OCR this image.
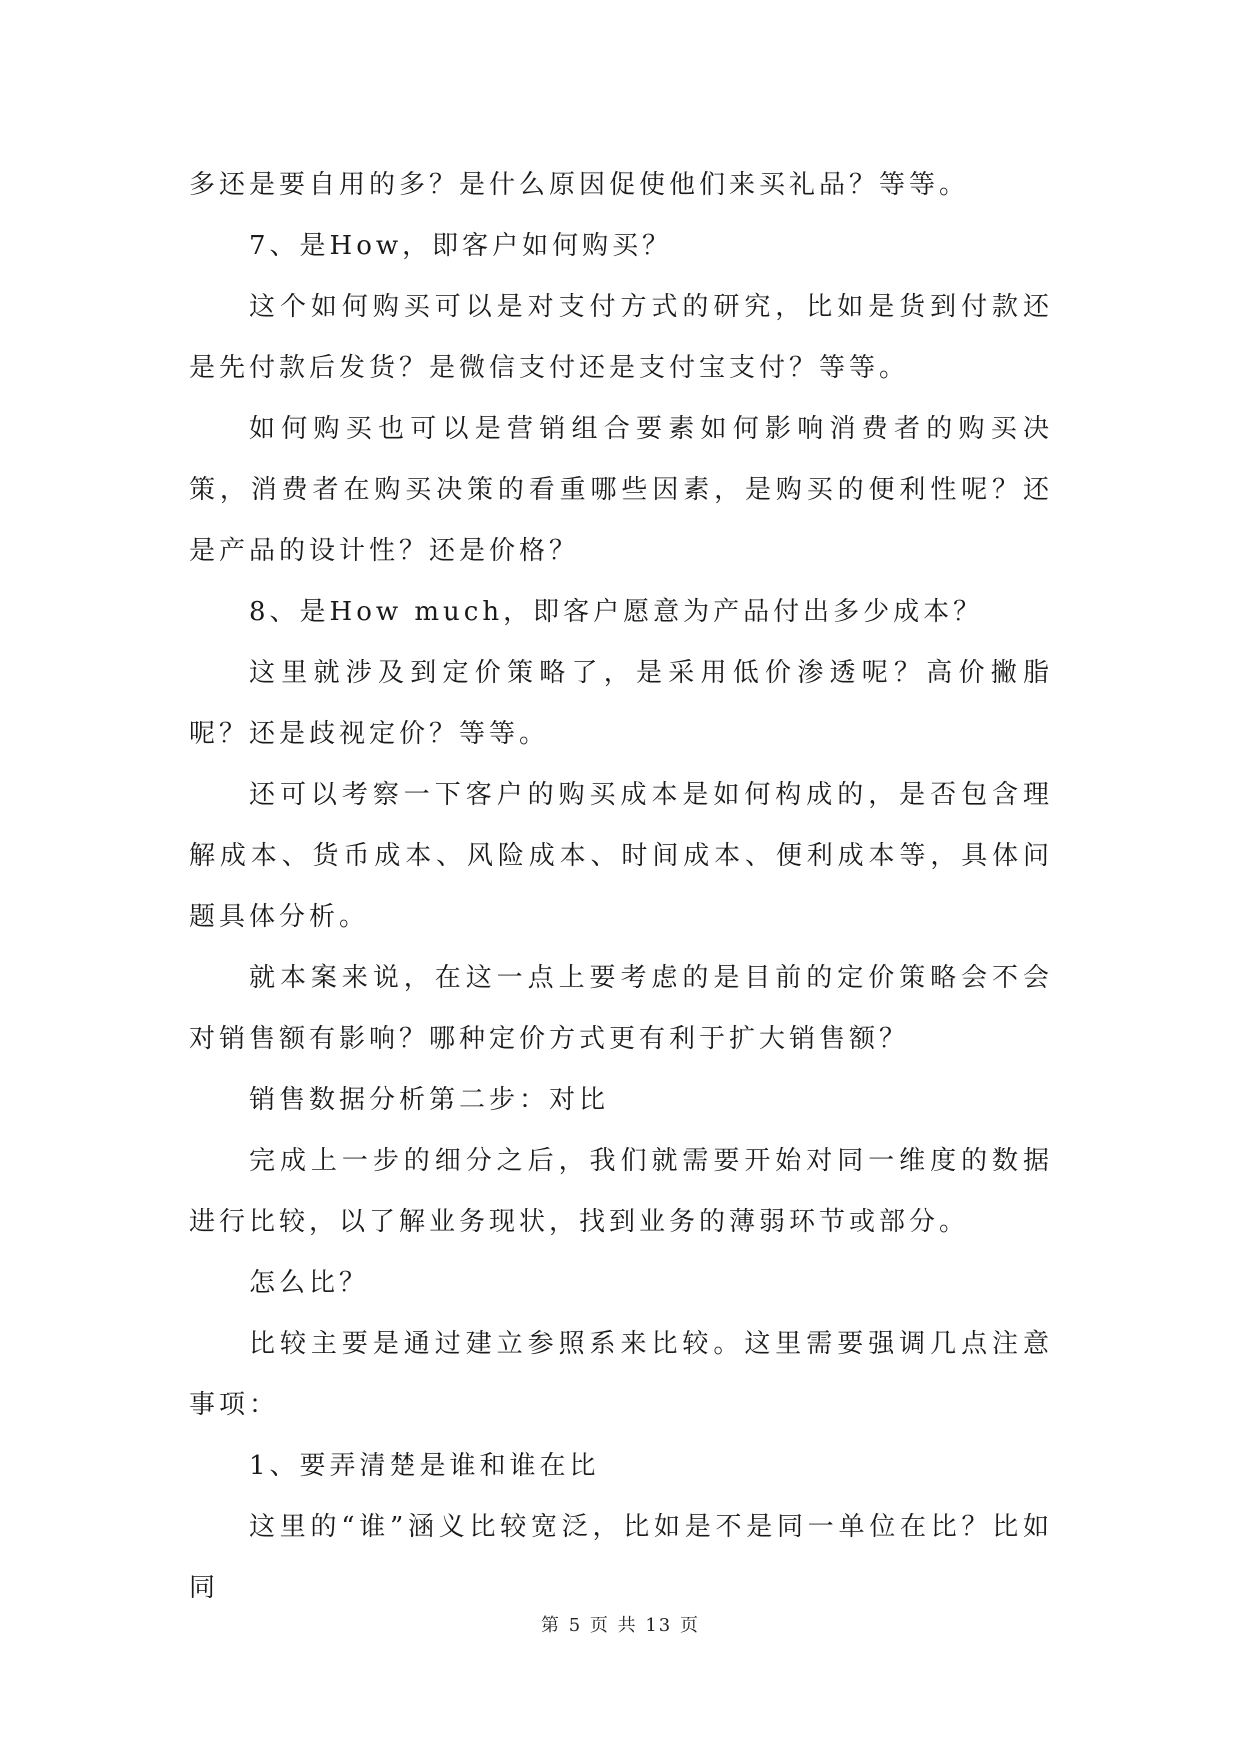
多还是要自用的多？是什么原因促使他们来买礼品？等等。

7、是How，即客户如何购买？

这个如何购买可以是对支付方式的研究，比如是货到付款还是先付款后发货？是微信支付还是支付宝支付？等等。

如何购买也可以是营销组合要素如何影响消费者的购买决策，消费者在购买决策的看重哪些因素，是购买的便利性呢？还是产品的设计性？还是价格？

8、是How much，即客户愿意为产品付出多少成本？

这里就涉及到定价策略了，是采用低价渗透呢？高价撇脂呢？还是歧视定价？等等。

还可以考察一下客户的购买成本是如何构成的，是否包含理解成本、货币成本、风险成本、时间成本、便利成本等，具体问题具体分析。

就本案来说，在这一点上要考虑的是目前的定价策略会不会对销售额有影响？哪种定价方式更有利于扩大销售额？

销售数据分析第二步：对比

完成上一步的细分之后，我们就需要开始对同一维度的数据进行比较，以了解业务现状，找到业务的薄弱环节或部分。

怎么比？

比较主要是通过建立参照系来比较。这里需要强调几点注意事项：

1、要弄清楚是谁和谁在比

这里的“谁”涵义比较宽泛，比如是不是同一单位在比？比如同

第 5 页 共 13 页
